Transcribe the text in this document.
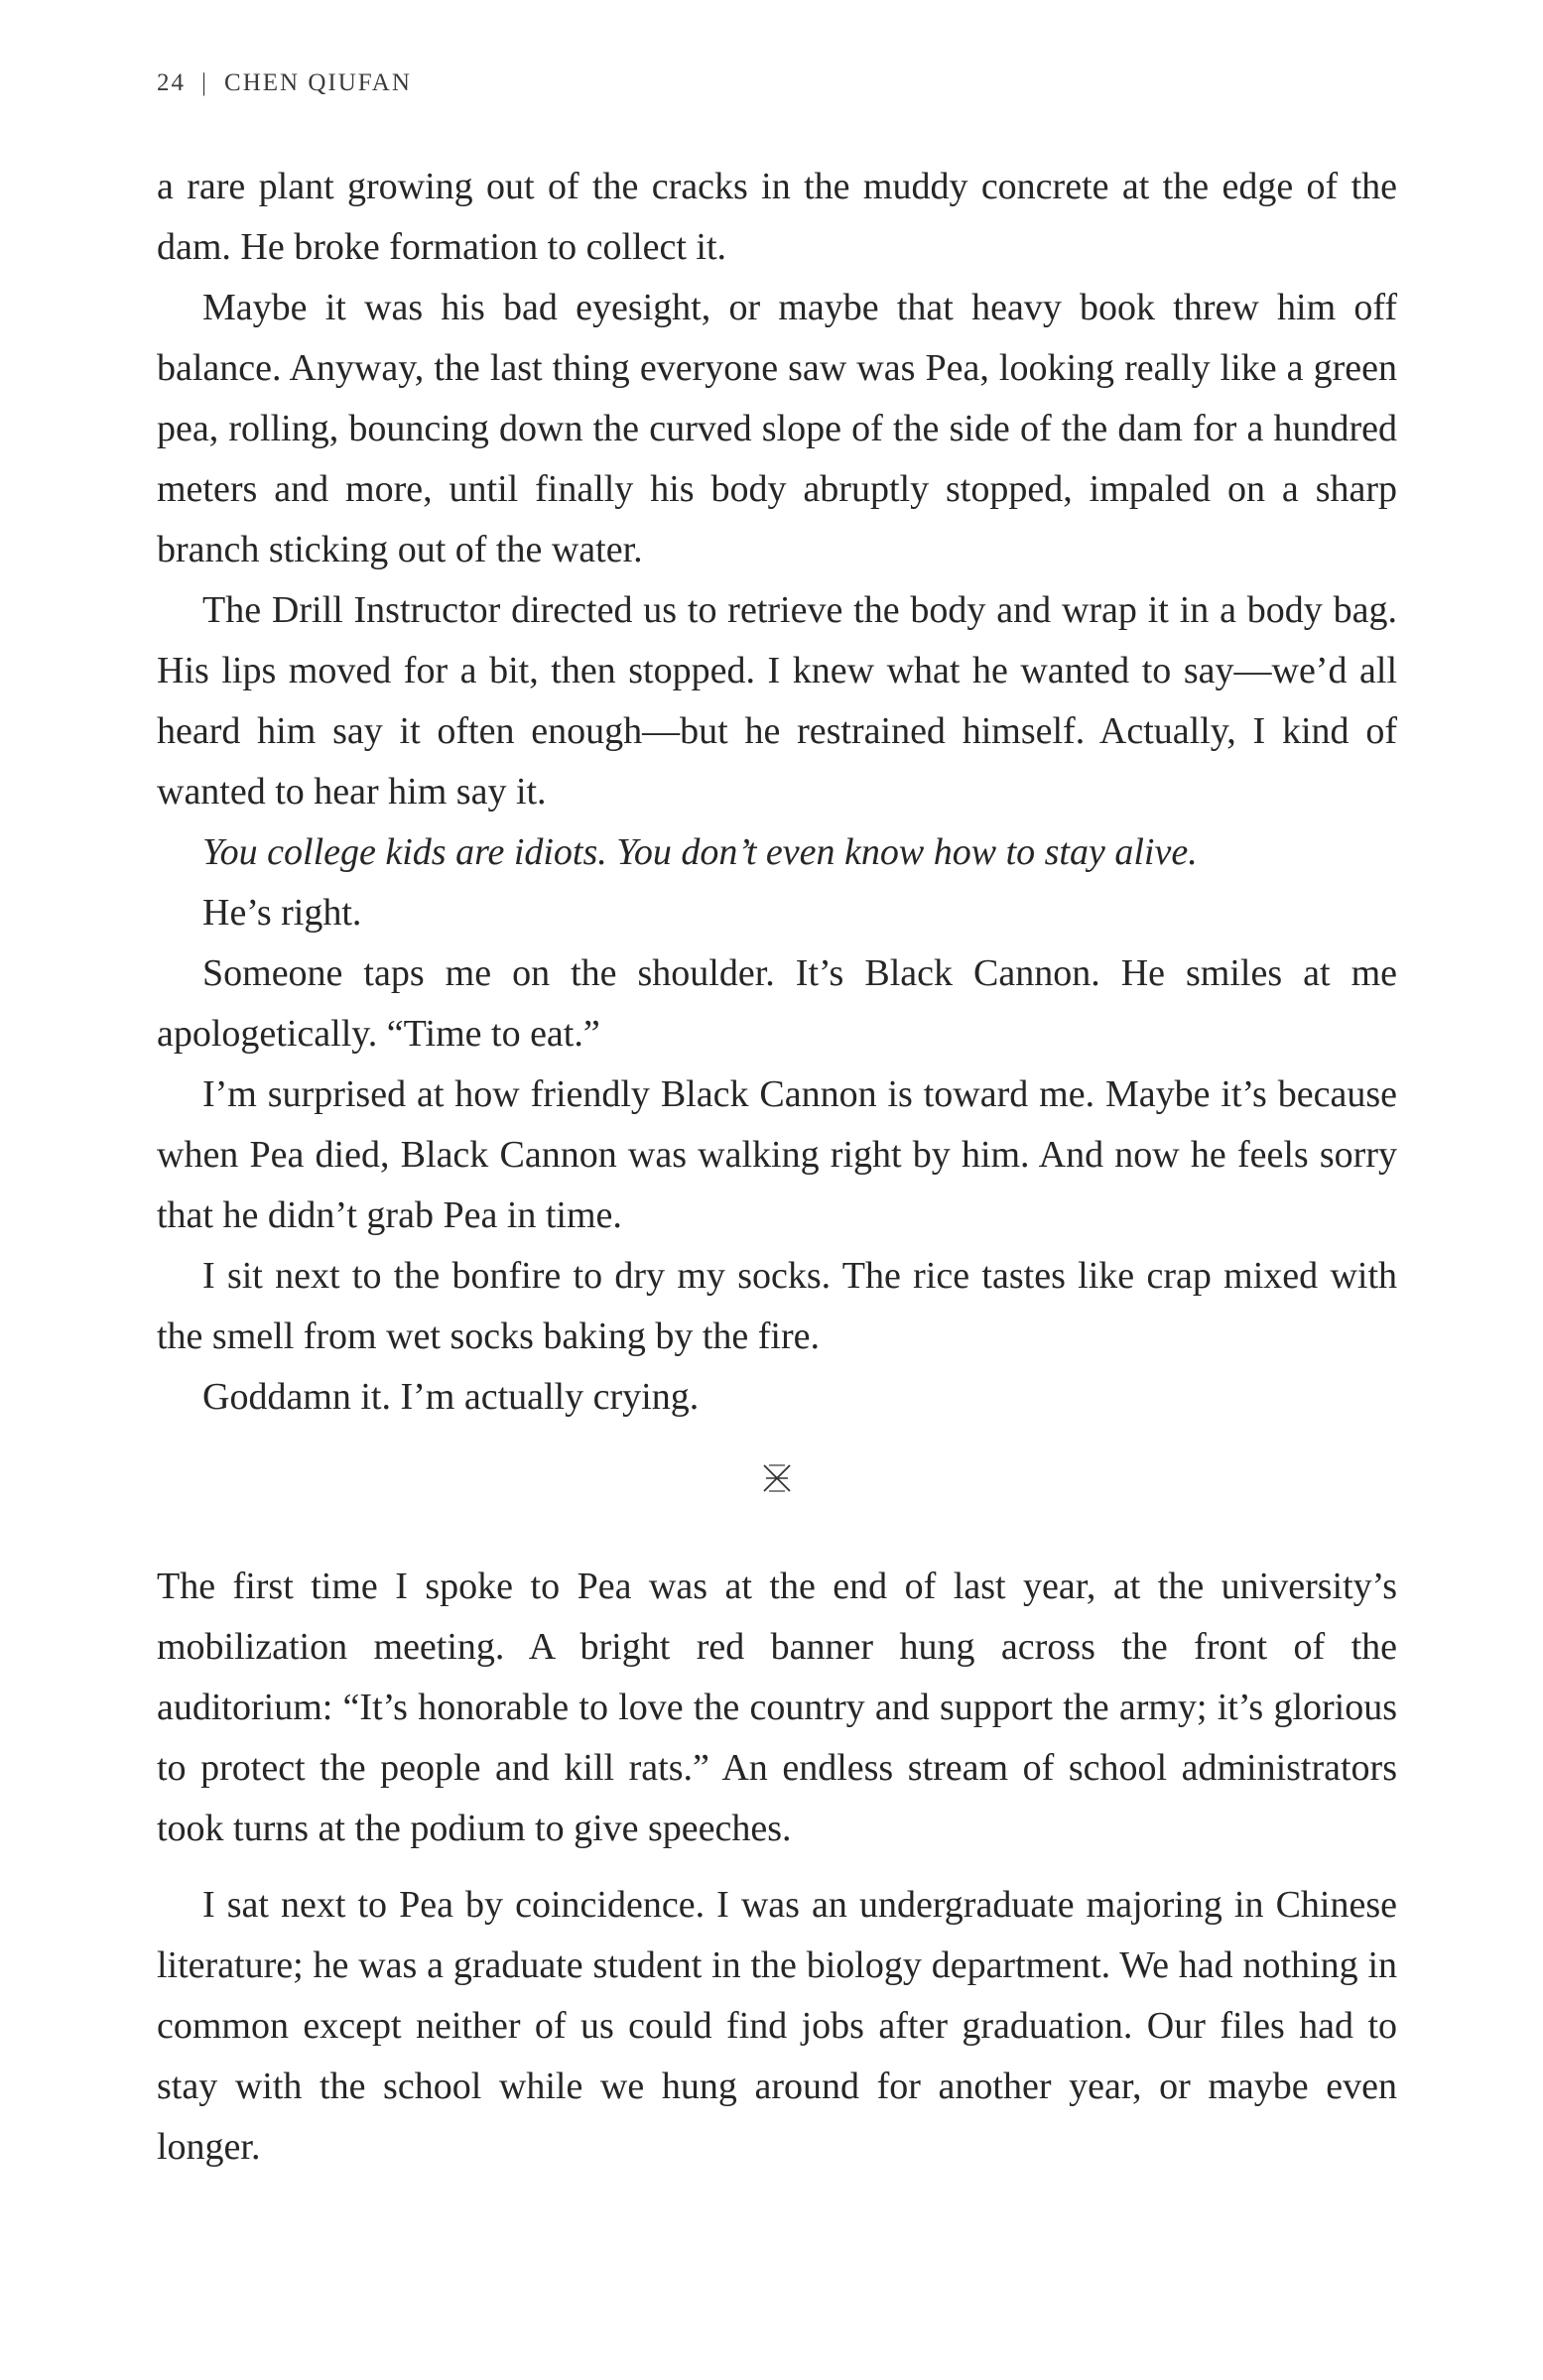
24 | CHEN QIUFAN

a rare plant growing out of the cracks in the muddy concrete at the edge of the dam. He broke formation to collect it.

Maybe it was his bad eyesight, or maybe that heavy book threw him off balance. Anyway, the last thing everyone saw was Pea, looking really like a green pea, rolling, bouncing down the curved slope of the side of the dam for a hundred meters and more, until finally his body abruptly stopped, impaled on a sharp branch sticking out of the water.

The Drill Instructor directed us to retrieve the body and wrap it in a body bag. His lips moved for a bit, then stopped. I knew what he wanted to say—we’d all heard him say it often enough—but he restrained himself. Actually, I kind of wanted to hear him say it.

You college kids are idiots. You don’t even know how to stay alive.

He’s right.

Someone taps me on the shoulder. It’s Black Cannon. He smiles at me apologetically. “Time to eat.”

I’m surprised at how friendly Black Cannon is toward me. Maybe it’s because when Pea died, Black Cannon was walking right by him. And now he feels sorry that he didn’t grab Pea in time.

I sit next to the bonfire to dry my socks. The rice tastes like crap mixed with the smell from wet socks baking by the fire.

Goddamn it. I’m actually crying.

The first time I spoke to Pea was at the end of last year, at the university’s mobilization meeting. A bright red banner hung across the front of the auditorium: “It’s honorable to love the country and support the army; it’s glorious to protect the people and kill rats.” An endless stream of school administrators took turns at the podium to give speeches.

I sat next to Pea by coincidence. I was an undergraduate majoring in Chinese literature; he was a graduate student in the biology department. We had nothing in common except neither of us could find jobs after graduation. Our files had to stay with the school while we hung around for another year, or maybe even longer.
